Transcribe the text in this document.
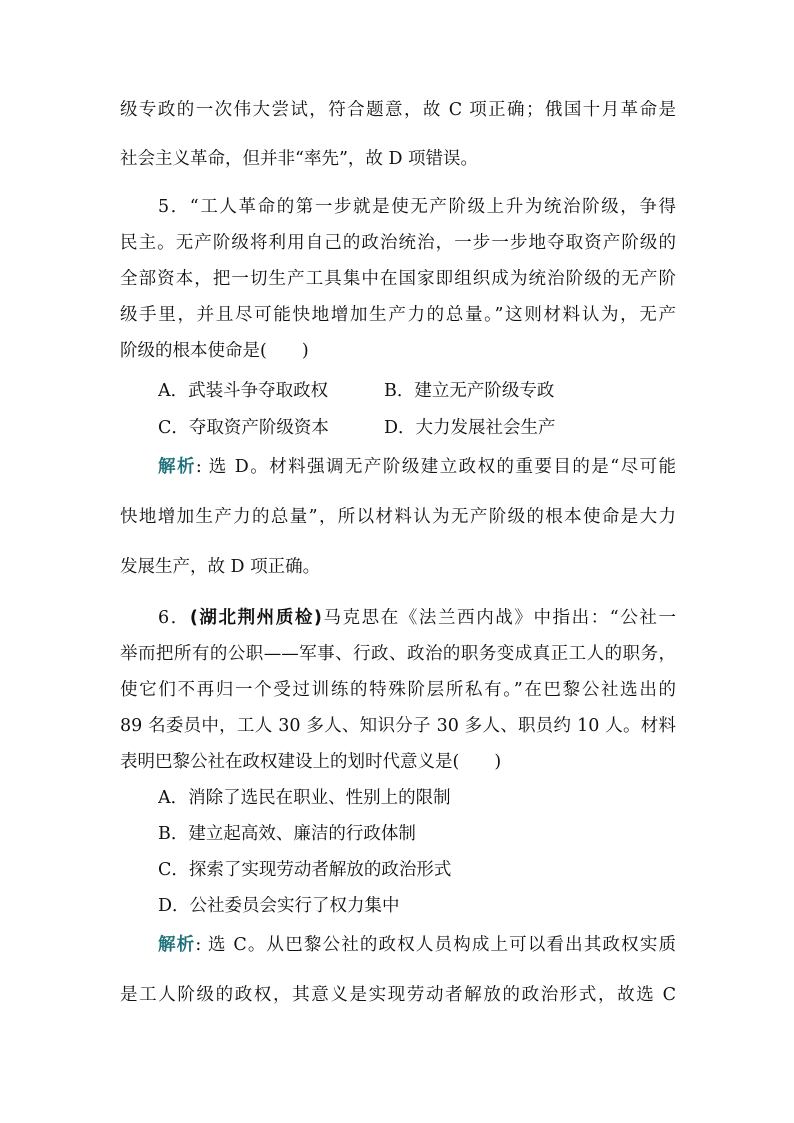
级专政的一次伟大尝试，符合题意，故 C 项正确；俄国十月革命是
社会主义革命，但并非“率先”，故 D 项错误。
5．“工人革命的第一步就是使无产阶级上升为统治阶级，争得
民主。无产阶级将利用自己的政治统治，一步一步地夺取资产阶级的
全部资本，把一切生产工具集中在国家即组织成为统治阶级的无产阶
级手里，并且尽可能快地增加生产力的总量。”这则材料认为，无产
阶级的根本使命是(　　)
A．武装斗争夺取政权	B．建立无产阶级专政
C．夺取资产阶级资本	D．大力发展社会生产
解析: 选 D。材料强调无产阶级建立政权的重要目的是“尽可能
快地增加生产力的总量”，所以材料认为无产阶级的根本使命是大力
发展生产，故 D 项正确。
6．(湖北荆州质检)马克思在《法兰西内战》中指出：“公社一
举而把所有的公职——军事、行政、政治的职务变成真正工人的职务，
使它们不再归一个受过训练的特殊阶层所私有。”在巴黎公社选出的
89 名委员中，工人 30 多人、知识分子 30 多人、职员约 10 人。材料
表明巴黎公社在政权建设上的划时代意义是(　　)
A．消除了选民在职业、性别上的限制
B．建立起高效、廉洁的行政体制
C．探索了实现劳动者解放的政治形式
D．公社委员会实行了权力集中
解析: 选 C。从巴黎公社的政权人员构成上可以看出其政权实质
是工人阶级的政权，其意义是实现劳动者解放的政治形式，故选 C
